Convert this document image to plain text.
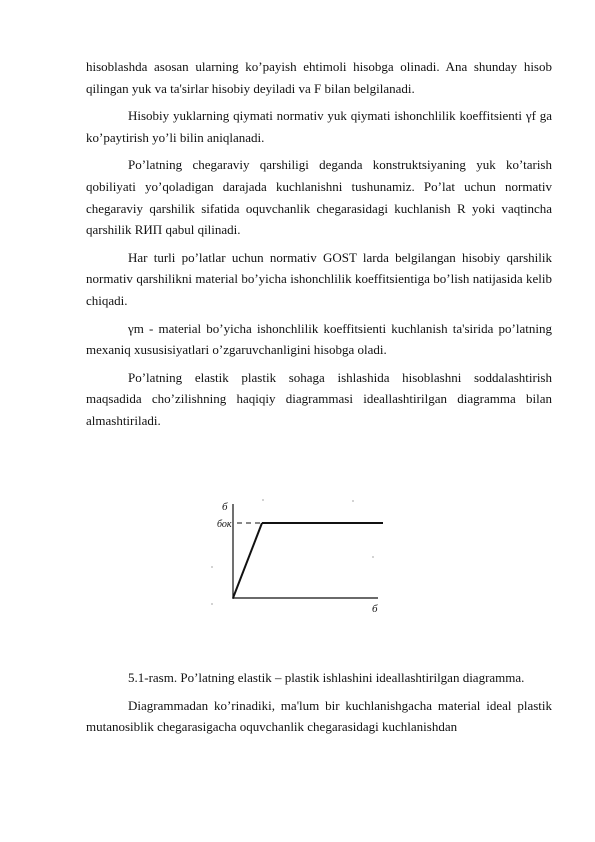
hisoblashda asosan ularning ko’payish ehtimoli hisobga olinadi. Ana shunday hisob qilingan yuk va ta'sirlar hisobiy deyiladi va F bilan belgilanadi.

Hisobiy yuklarning qiymati normativ yuk qiymati ishonchlilik koeffitsienti γf ga ko’paytirish yo’li bilin aniqlanadi.

Po’latning chegaraviy qarshiligi deganda konstruktsiyaning yuk ko’tarish qobiliyati yo’qoladigan darajada kuchlanishni tushunamiz. Po’lat uchun normativ chegaraviy qarshilik sifatida oquvchanlik chegarasidagi kuchlanish R yoki vaqtincha qarshilik RИП qabul qilinadi.

Har turli po’latlar uchun normativ GOST larda belgilangan hisobiy qarshilik normativ qarshilikni material bo’yicha ishonchlilik koeffitsientiga bo’lish natijasida kelib chiqadi.

γm - material bo’yicha ishonchlilik koeffitsienti kuchlanish ta'sirida po’latning mexaniq xususisiyatlari o’zgaruvchanligini hisobga oladi.

Po’latning elastik plastik sohaga ishlashida hisoblashni soddalashtirish maqsadida cho’zilishning haqiqiy diagrammasi ideallashtirilgan diagramma bilan almashtiriladi.

б
бок
б

5.1-rasm. Po’latning elastik – plastik ishlashini ideallashtirilgan diagramma.

Diagrammadan ko’rinadiki, ma'lum bir kuchlanishgacha material ideal plastik mutanosiblik chegarasigacha oquvchanlik chegarasidagi kuchlanishdan
